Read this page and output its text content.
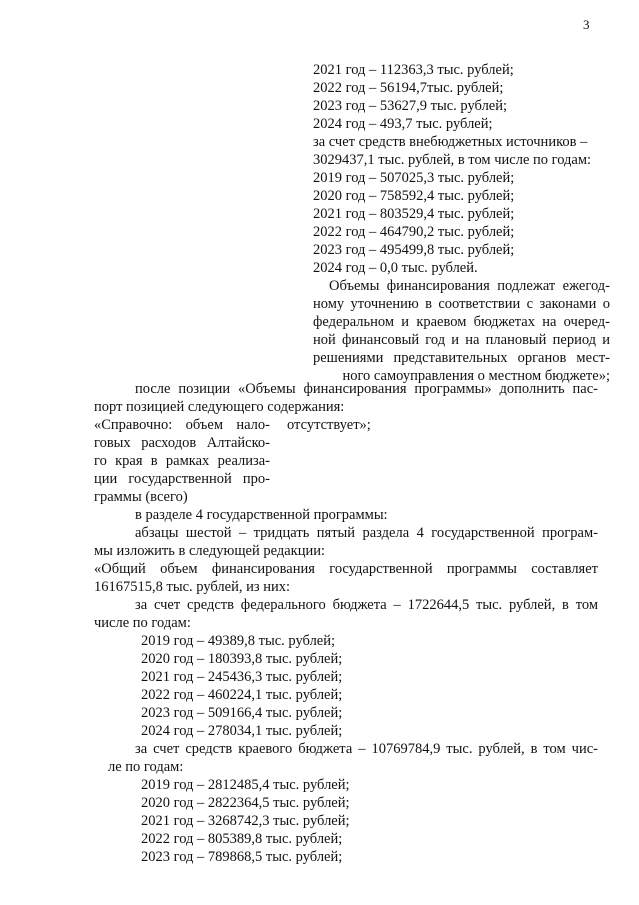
3
2021 год – 112363,3 тыс. рублей;
2022 год – 56194,7тыс. рублей;
2023 год – 53627,9 тыс. рублей;
2024 год – 493,7 тыс. рублей;
за счет средств внебюджетных источников –
3029437,1 тыс. рублей, в том числе по годам:
2019 год – 507025,3 тыс. рублей;
2020 год – 758592,4 тыс. рублей;
2021 год – 803529,4 тыс. рублей;
2022 год – 464790,2 тыс. рублей;
2023 год – 495499,8 тыс. рублей;
2024 год – 0,0 тыс. рублей.
Объемы финансирования подлежат ежегод-
ному уточнению в соответствии с законами о
федеральном и краевом бюджетах на очеред-
ной финансовый год и на плановый период и
решениями представительных органов мест-
ного самоуправления о местном бюджете»;
после позиции «Объемы финансирования программы» дополнить пас-
порт позицией следующего содержания:
«Справочно: объем нало- отсутствует»;
говых расходов Алтайско-
го края в рамках реализа-
ции государственной про-
граммы (всего)
в разделе 4 государственной программы:
абзацы шестой – тридцать пятый раздела 4 государственной програм-
мы изложить в следующей редакции:
«Общий объем финансирования государственной программы составляет
16167515,8 тыс. рублей, из них:
за счет средств федерального бюджета – 1722644,5 тыс. рублей, в том
числе по годам:
2019 год – 49389,8 тыс. рублей;
2020 год – 180393,8 тыс. рублей;
2021 год – 245436,3 тыс. рублей;
2022 год – 460224,1 тыс. рублей;
2023 год – 509166,4 тыс. рублей;
2024 год – 278034,1 тыс. рублей;
за счет средств краевого бюджета – 10769784,9 тыс. рублей, в том чис-
ле по годам:
2019 год – 2812485,4 тыс. рублей;
2020 год – 2822364,5 тыс. рублей;
2021 год – 3268742,3 тыс. рублей;
2022 год – 805389,8 тыс. рублей;
2023 год – 789868,5 тыс. рублей;
